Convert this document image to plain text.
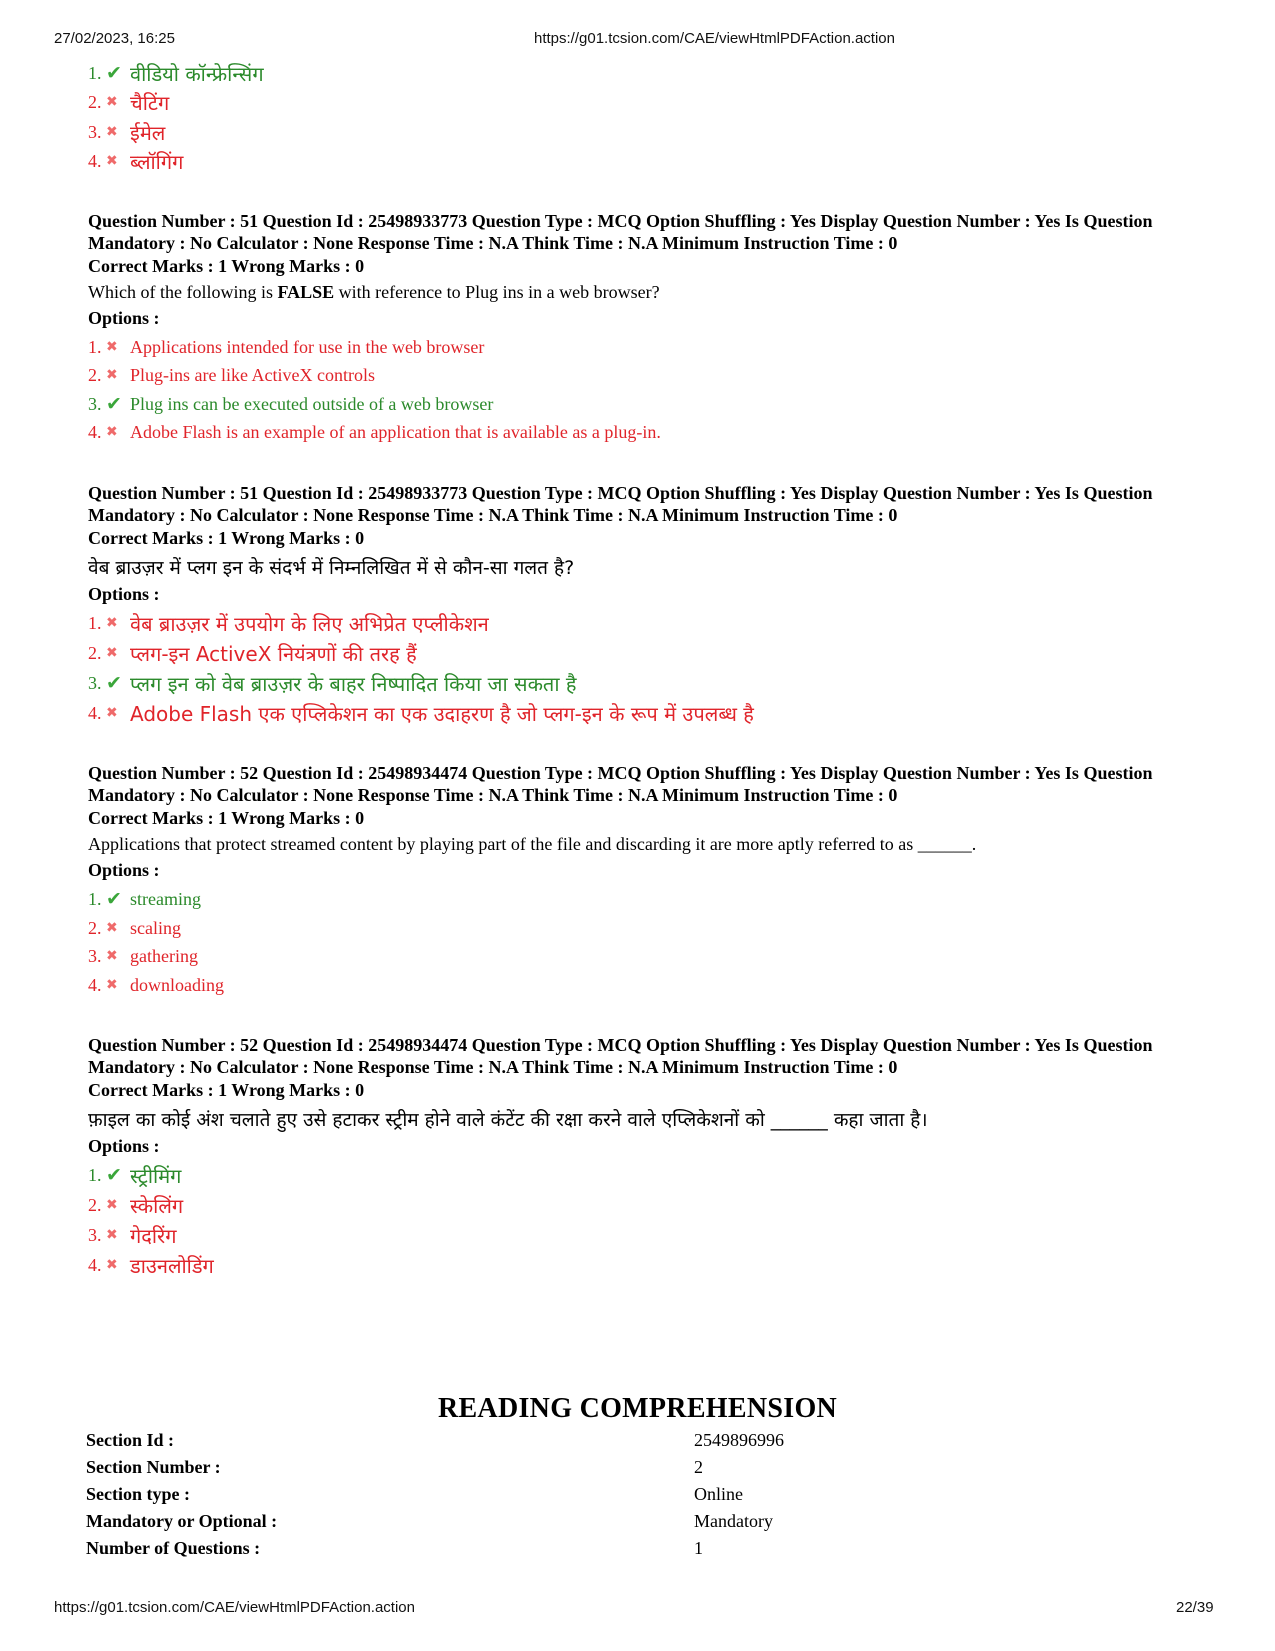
27/02/2023, 16:25	https://g01.tcsion.com/CAE/viewHtmlPDFAction.action
https://g01.tcsion.com/CAE/viewHtmlPDFAction.action	22/39
1. ✔ वीडियो कॉन्फ्रेन्सिंग
2. ✖ चैटिंग
3. ✖ ईमेल
4. ✖ ब्लॉगिंग
Question Number : 51 Question Id : 25498933773 Question Type : MCQ Option Shuffling : Yes Display Question Number : Yes Is Question Mandatory : No Calculator : None Response Time : N.A Think Time : N.A Minimum Instruction Time : 0
Correct Marks : 1 Wrong Marks : 0
Which of the following is FALSE with reference to Plug ins in a web browser?
Options :
1. ✖ Applications intended for use in the web browser
2. ✖ Plug-ins are like ActiveX controls
3. ✔ Plug ins can be executed outside of a web browser
4. ✖ Adobe Flash is an example of an application that is available as a plug-in.
Question Number : 51 Question Id : 25498933773 Question Type : MCQ Option Shuffling : Yes Display Question Number : Yes Is Question Mandatory : No Calculator : None Response Time : N.A Think Time : N.A Minimum Instruction Time : 0
Correct Marks : 1 Wrong Marks : 0
वेब ब्राउज़र में प्लग इन के संदर्भ में निम्नलिखित में से कौन-सा गलत है?
Options :
1. ✖ वेब ब्राउज़र में उपयोग के लिए अभिप्रेत एप्लीकेशन
2. ✖ प्लग-इन ActiveX नियंत्रणों की तरह हैं
3. ✔ प्लग इन को वेब ब्राउज़र के बाहर निष्पादित किया जा सकता है
4. ✖ Adobe Flash एक एप्लिकेशन का एक उदाहरण है जो प्लग-इन के रूप में उपलब्ध है
Question Number : 52 Question Id : 25498934474 Question Type : MCQ Option Shuffling : Yes Display Question Number : Yes Is Question Mandatory : No Calculator : None Response Time : N.A Think Time : N.A Minimum Instruction Time : 0
Correct Marks : 1 Wrong Marks : 0
Applications that protect streamed content by playing part of the file and discarding it are more aptly referred to as ______.
Options :
1. ✔ streaming
2. ✖ scaling
3. ✖ gathering
4. ✖ downloading
Question Number : 52 Question Id : 25498934474 Question Type : MCQ Option Shuffling : Yes Display Question Number : Yes Is Question Mandatory : No Calculator : None Response Time : N.A Think Time : N.A Minimum Instruction Time : 0
Correct Marks : 1 Wrong Marks : 0
फ़ाइल का कोई अंश चलाते हुए उसे हटाकर स्ट्रीम होने वाले कंटेंट की रक्षा करने वाले एप्लिकेशनों को ______ कहा जाता है।
Options :
1. ✔ स्ट्रीमिंग
2. ✖ स्केलिंग
3. ✖ गेदरिंग
4. ✖ डाउनलोडिंग
READING COMPREHENSION
Section Id :	2549896996
Section Number :	2
Section type :	Online
Mandatory or Optional :	Mandatory
Number of Questions :	1
